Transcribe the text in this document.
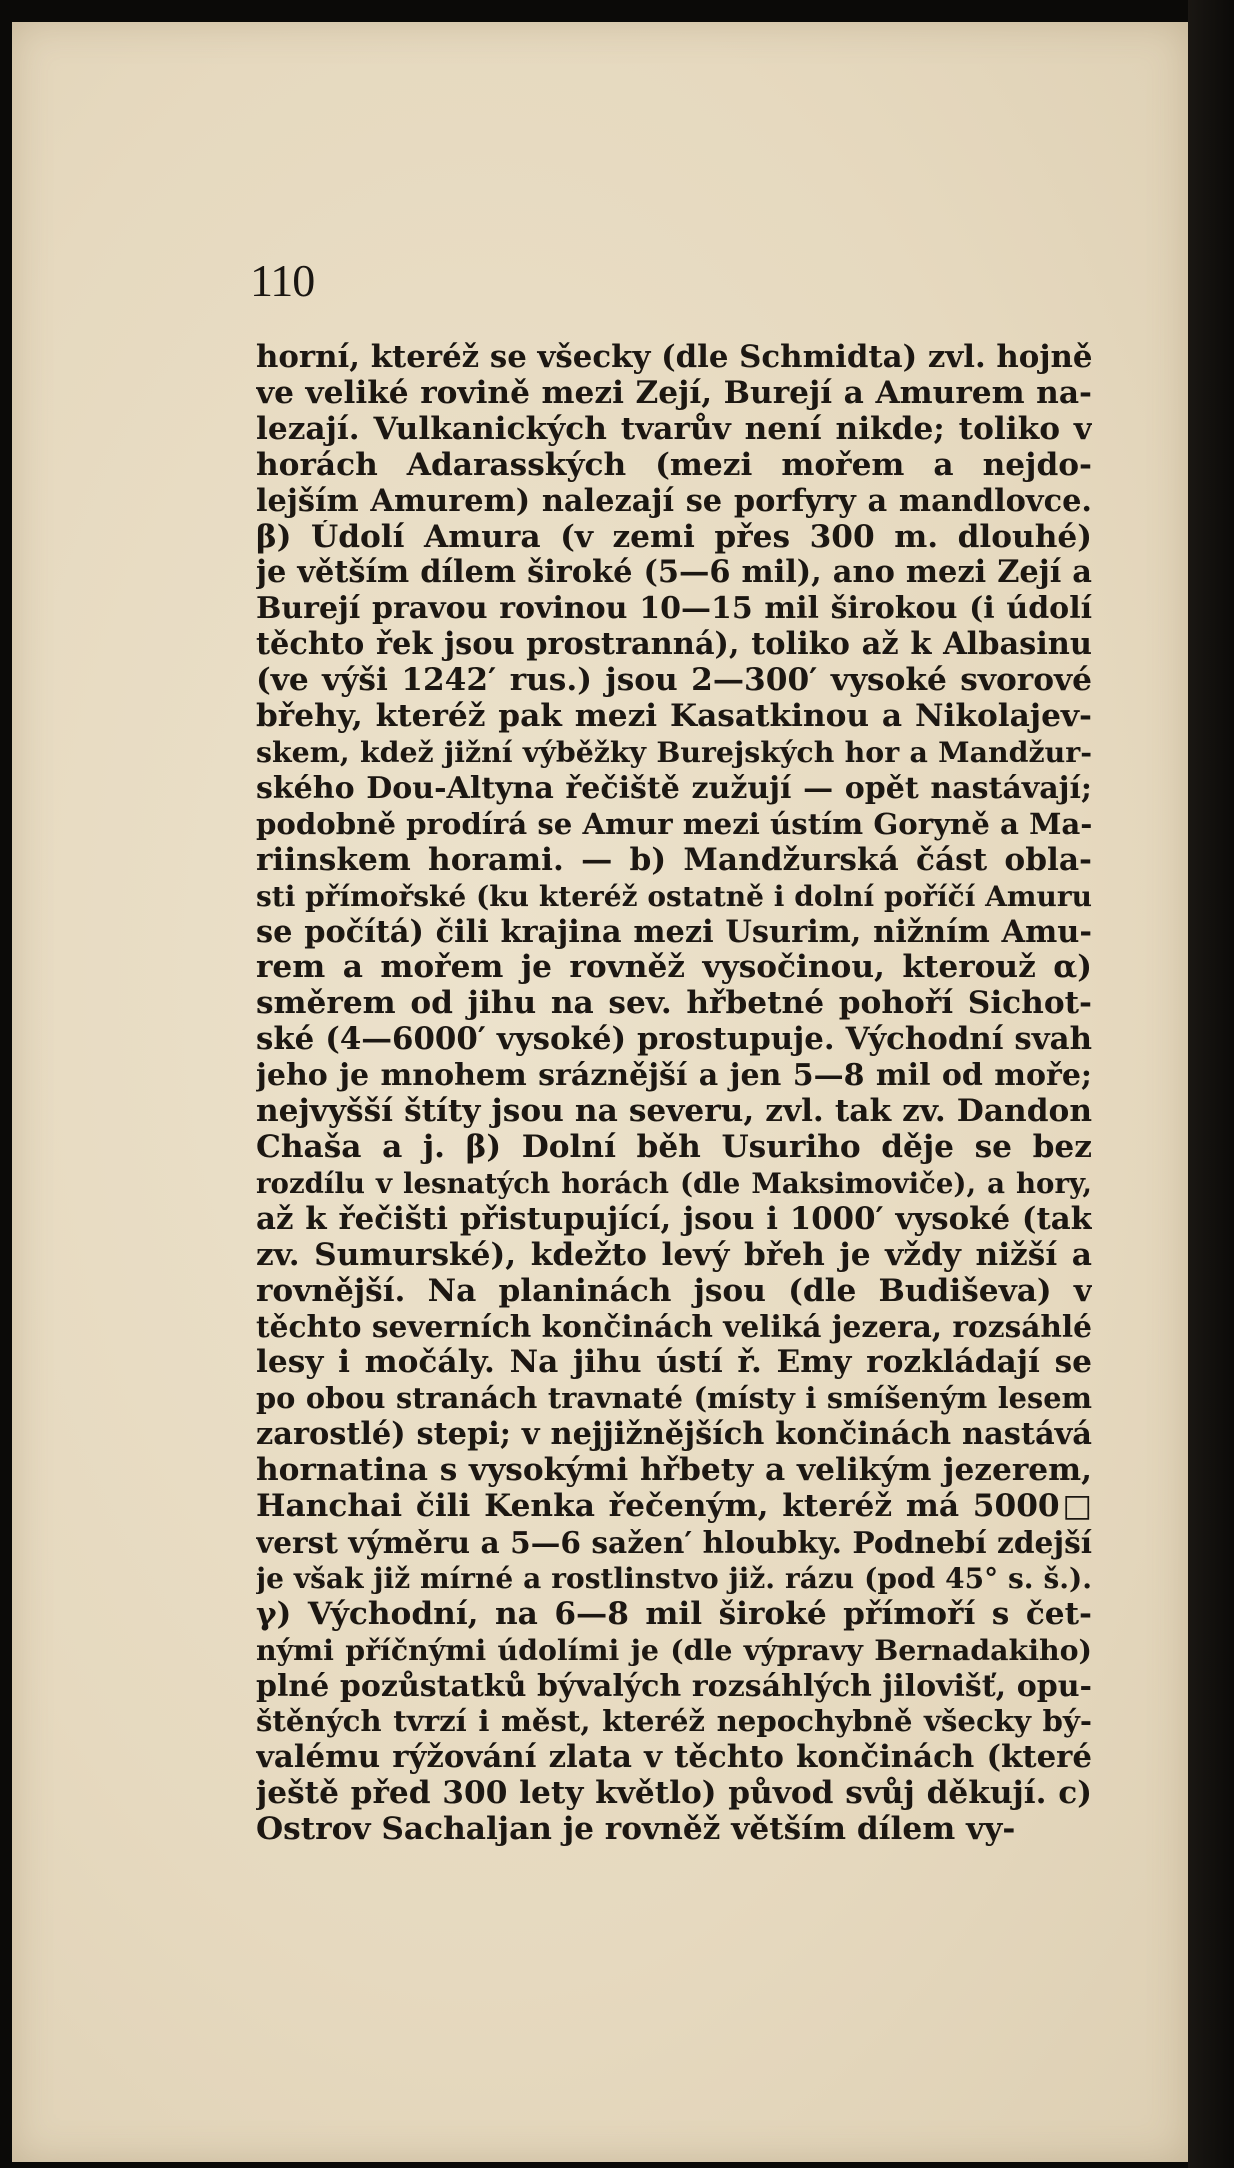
110
horní, kteréž se všecky (dle Schmidta) zvl. hojně
ve veliké rovině mezi Zejí, Burejí a Amurem na-
lezají. Vulkanických tvarův není nikde; toliko v
horách Adarasských (mezi mořem a nejdo-
lejším Amurem) nalezají se porfyry a mandlovce.
β) Údolí Amura (v zemi přes 300 m. dlouhé)
je větším dílem široké (5—6 mil), ano mezi Zejí a
Burejí pravou rovinou 10—15 mil širokou (i údolí
těchto řek jsou prostranná), toliko až k Albasinu
(ve výši 1242′ rus.) jsou 2—300′ vysoké svorové
břehy, kteréž pak mezi Kasatkinou a Nikolajev-
skem, kdež jižní výběžky Burejských hor a Mandžur-
ského Dou-Altyna řečiště zužují — opět nastávají;
podobně prodírá se Amur mezi ústím Goryně a Ma-
riinskem horami. — b) Mandžurská část obla-
sti přímořské (ku kteréž ostatně i dolní poříčí Amuru
se počítá) čili krajina mezi Usurim, nižním Amu-
rem a mořem je rovněž vysočinou, kterouž α)
směrem od jihu na sev. hřbetné pohoří Sichot-
ské (4—6000′ vysoké) prostupuje. Východní svah
jeho je mnohem sráznější a jen 5—8 mil od moře;
nejvyšší štíty jsou na severu, zvl. tak zv. Dandon
Chaša a j. β) Dolní běh Usuriho děje se bez
rozdílu v lesnatých horách (dle Maksimoviče), a hory,
až k řečišti přistupující, jsou i 1000′ vysoké (tak
zv. Sumurské), kdežto levý břeh je vždy nižší a
rovnější. Na planinách jsou (dle Budiševa) v
těchto severních končinách veliká jezera, rozsáhlé
lesy i močály. Na jihu ústí ř. Emy rozkládají se
po obou stranách travnaté (místy i smíšeným lesem
zarostlé) stepi; v nejjižnějších končinách nastává
hornatina s vysokými hřbety a velikým jezerem,
Hanchai čili Kenka řečeným, kteréž má 5000□
verst výměru a 5—6 sažen′ hloubky. Podnebí zdejší
je však již mírné a rostlinstvo již. rázu (pod 45° s. š.).
γ) Východní, na 6—8 mil široké přímoří s čet-
nými příčnými údolími je (dle výpravy Bernadakiho)
plné pozůstatků bývalých rozsáhlých jilovišť, opu-
štěných tvrzí i měst, kteréž nepochybně všecky bý-
valému rýžování zlata v těchto končinách (které
ještě před 300 lety květlo) původ svůj děkují. c)
Ostrov Sachaljan je rovněž větším dílem vy-
